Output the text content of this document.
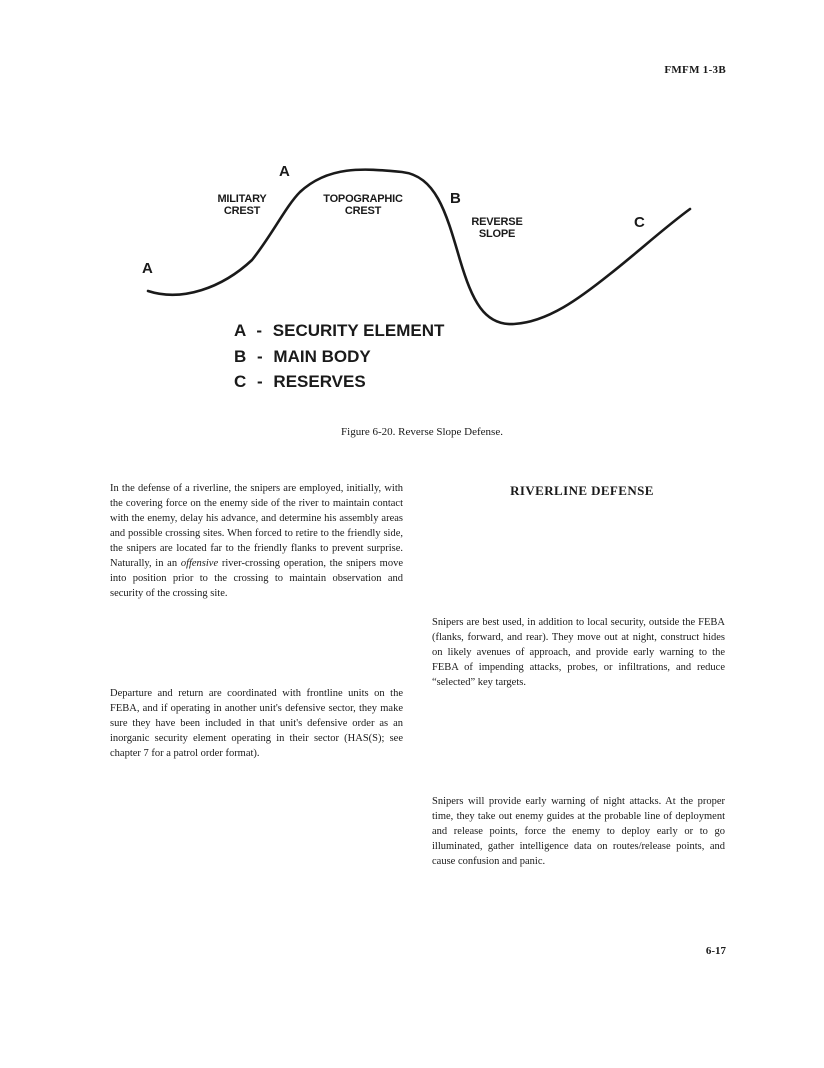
FMFM 1-3B
A
A
B
C
MILITARY
CREST
TOPOGRAPHIC
CREST
REVERSE
SLOPE
A - SECURITY ELEMENT
B - MAIN BODY
C - RESERVES
Figure 6-20. Reverse Slope Defense.

In the defense of a riverline, the snipers are employed, initially, with the covering force on the enemy side of the river to maintain contact with the enemy, delay his advance, and determine his assembly areas and possible crossing sites. When forced to retire to the friendly side, the snipers are located far to the friendly flanks to prevent surprise. Naturally, in an offensive river-crossing operation, the snipers move into position prior to the crossing to maintain observation and security of the crossing site.

Departure and return are coordinated with frontline units on the FEBA, and if operating in another unit's defensive sector, they make sure they have been included in that unit's defensive order as an inorganic security element operating in their sector (HAS(S); see chapter 7 for a patrol order format).

RIVERLINE DEFENSE

Snipers are best used, in addition to local security, outside the FEBA (flanks, forward, and rear). They move out at night, construct hides on likely avenues of approach, and provide early warning to the FEBA of impending attacks, probes, or infiltrations, and reduce “selected” key targets.

Snipers will provide early warning of night attacks. At the proper time, they take out enemy guides at the probable line of deployment and release points, force the enemy to deploy early or to go illuminated, gather intelligence data on routes/release points, and cause confusion and panic.

6-17
